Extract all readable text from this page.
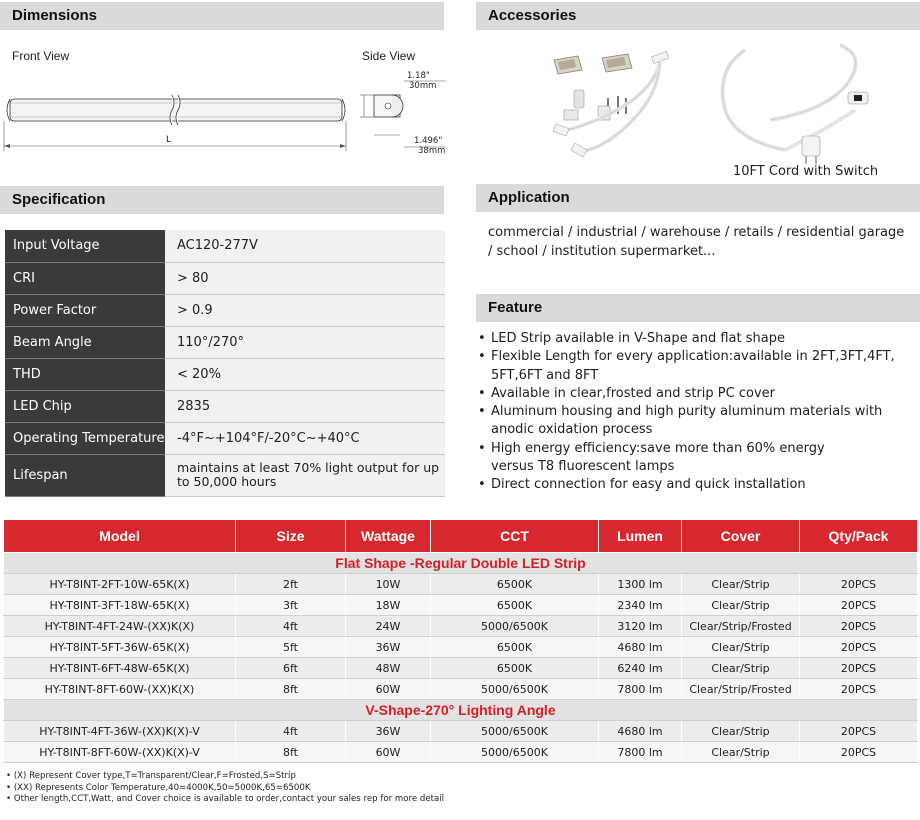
Dimensions
Front View	Side View
L
1.18"
30mm
1.496"
38mm
Accessories
10FT Cord with Switch
Specification
Input Voltage	AC120-277V
CRI	> 80
Power Factor	> 0.9
Beam Angle	110°/270°
THD	< 20%
LED Chip	2835
Operating Temperature	-4°F~+104°F/-20°C~+40°C
Lifespan	maintains at least 70% light output for up to 50,000 hours
Application
commercial / industrial / warehouse / retails / residential garage / school / institution supermarket...
Feature
• LED Strip available in V-Shape and flat shape
• Flexible Length for every application:available in 2FT,3FT,4FT, 5FT,6FT and 8FT
• Available in clear,frosted and strip PC cover
• Aluminum housing and high purity aluminum materials with anodic oxidation process
• High energy efficiency:save more than 60% energy versus T8 fluorescent lamps
• Direct connection for easy and quick installation
Model	Size	Wattage	CCT	Lumen	Cover	Qty/Pack
Flat Shape -Regular Double LED Strip						
HY-T8INT-2FT-10W-65K(X)	2ft	10W	6500K	1300 lm	Clear/Strip	20PCS
HY-T8INT-3FT-18W-65K(X)	3ft	18W	6500K	2340 lm	Clear/Strip	20PCS
HY-T8INT-4FT-24W-(XX)K(X)	4ft	24W	5000/6500K	3120 lm	Clear/Strip/Frosted	20PCS
HY-T8INT-5FT-36W-65K(X)	5ft	36W	6500K	4680 lm	Clear/Strip	20PCS
HY-T8INT-6FT-48W-65K(X)	6ft	48W	6500K	6240 lm	Clear/Strip	20PCS
HY-T8INT-8FT-60W-(XX)K(X)	8ft	60W	5000/6500K	7800 lm	Clear/Strip/Frosted	20PCS
V-Shape-270° Lighting Angle						
HY-T8INT-4FT-36W-(XX)K(X)-V	4ft	36W	5000/6500K	4680 lm	Clear/Strip	20PCS
HY-T8INT-8FT-60W-(XX)K(X)-V	8ft	60W	5000/6500K	7800 lm	Clear/Strip	20PCS
• (X) Represent Cover type,T=Transparent/Clear,F=Frosted,S=Strip
• (XX) Represents Color Temperature,40=4000K,50=5000K,65=6500K
• Other length,CCT,Watt, and Cover choice is available to order,contact your sales rep for more detail
